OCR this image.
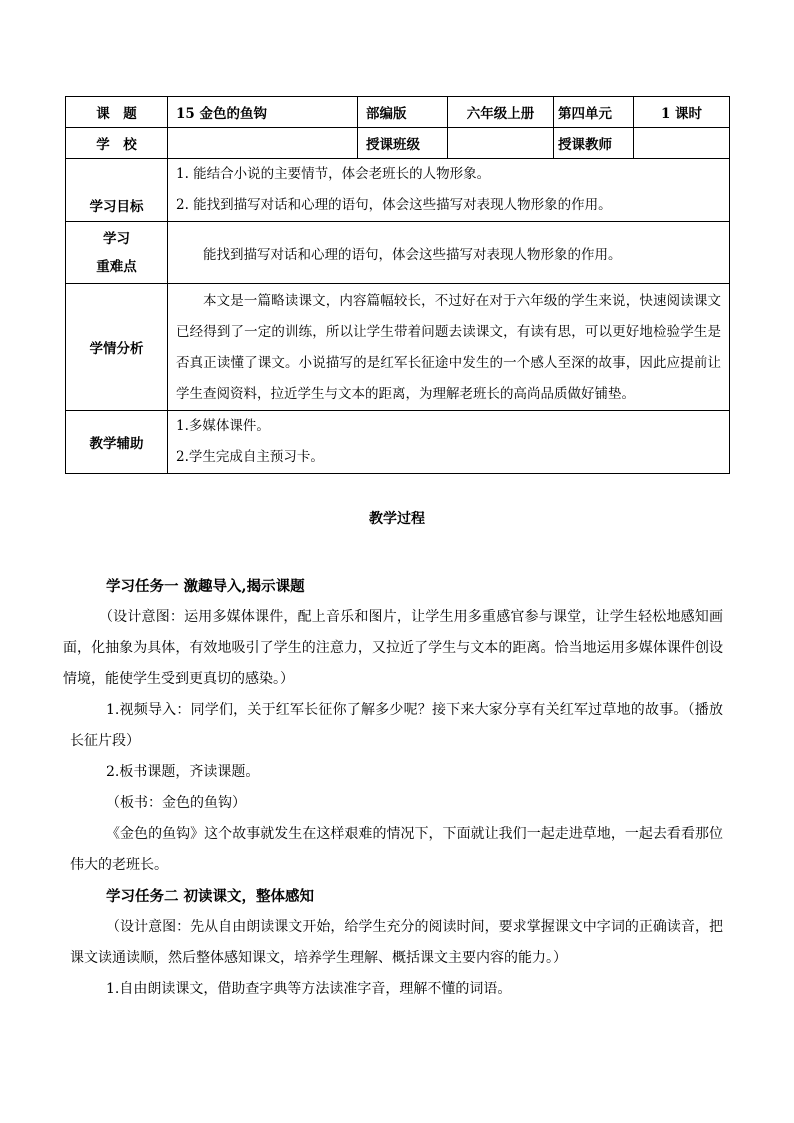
课　题	15 金色的鱼钩	部编版	六年级上册	第四单元	1 课时
学　校		授课班级		授课教师	
学习目标	1. 能结合小说的主要情节，体会老班长的人物形象。
2. 能找到描写对话和心理的语句，体会这些描写对表现人物形象的作用。				

学习
重难点	能找到描写对话和心理的语句，体会这些描写对表现人物形象的作用。				
学情分析	本文是一篇略读课文，内容篇幅较长，不过好在对于六年级的学生来说，快速阅读课文已经得到了一定的训练，所以让学生带着问题去读课文，有读有思，可以更好地检验学生是否真正读懂了课文。小说描写的是红军长征途中发生的一个感人至深的故事，因此应提前让学生查阅资料，拉近学生与文本的距离，为理解老班长的高尚品质做好铺垫。				
教学辅助	1.多媒体课件。
2.学生完成自主预习卡。				
教学过程

学习任务一 激趣导入,揭示课题

（设计意图：运用多媒体课件，配上音乐和图片，让学生用多重感官参与课堂，让学生轻松地感知画面，化抽象为具体，有效地吸引了学生的注意力，又拉近了学生与文本的距离。恰当地运用多媒体课件创设情境，能使学生受到更真切的感染。）

1.视频导入：同学们，关于红军长征你了解多少呢？接下来大家分享有关红军过草地的故事。（播放长征片段）

2.板书课题，齐读课题。

（板书：金色的鱼钩）

《金色的鱼钩》这个故事就发生在这样艰难的情况下，下面就让我们一起走进草地，一起去看看那位伟大的老班长。

学习任务二 初读课文，整体感知

（设计意图：先从自由朗读课文开始，给学生充分的阅读时间，要求掌握课文中字词的正确读音，把课文读通读顺，然后整体感知课文，培养学生理解、概括课文主要内容的能力。）

1.自由朗读课文，借助查字典等方法读准字音，理解不懂的词语。
